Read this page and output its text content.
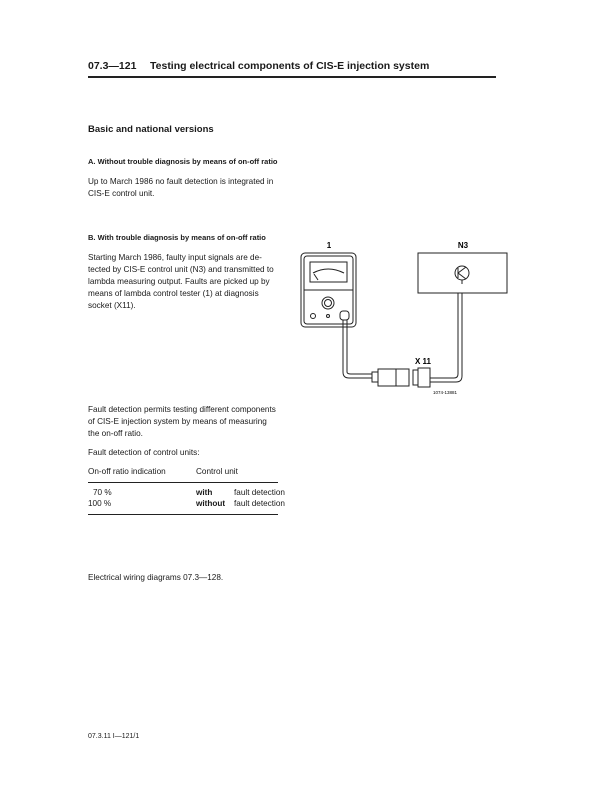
07.3—121 Testing electrical components of CIS-E injection system
Basic and national versions
A. Without trouble diagnosis by means of on-off ratio
Up to March 1986 no fault detection is integrated in
CIS-E control unit.
B. With trouble diagnosis by means of on-off ratio
Starting March 1986, faulty input signals are de-
tected by CIS-E control unit (N3) and transmitted to
lambda measuring output. Faults are picked up by
means of lambda control tester (1) at diagnosis
socket (X11).
Fault detection permits testing different components
of CIS-E injection system by means of measuring
the on-off ratio.
Fault detection of control units:
On-off ratio indication	Control unit
70 %	with	fault detection
100 %	without fault detection
Electrical wiring diagrams 07.3—128.
07.3.11 I—121/1
1	N3
X 11
1074-13881
